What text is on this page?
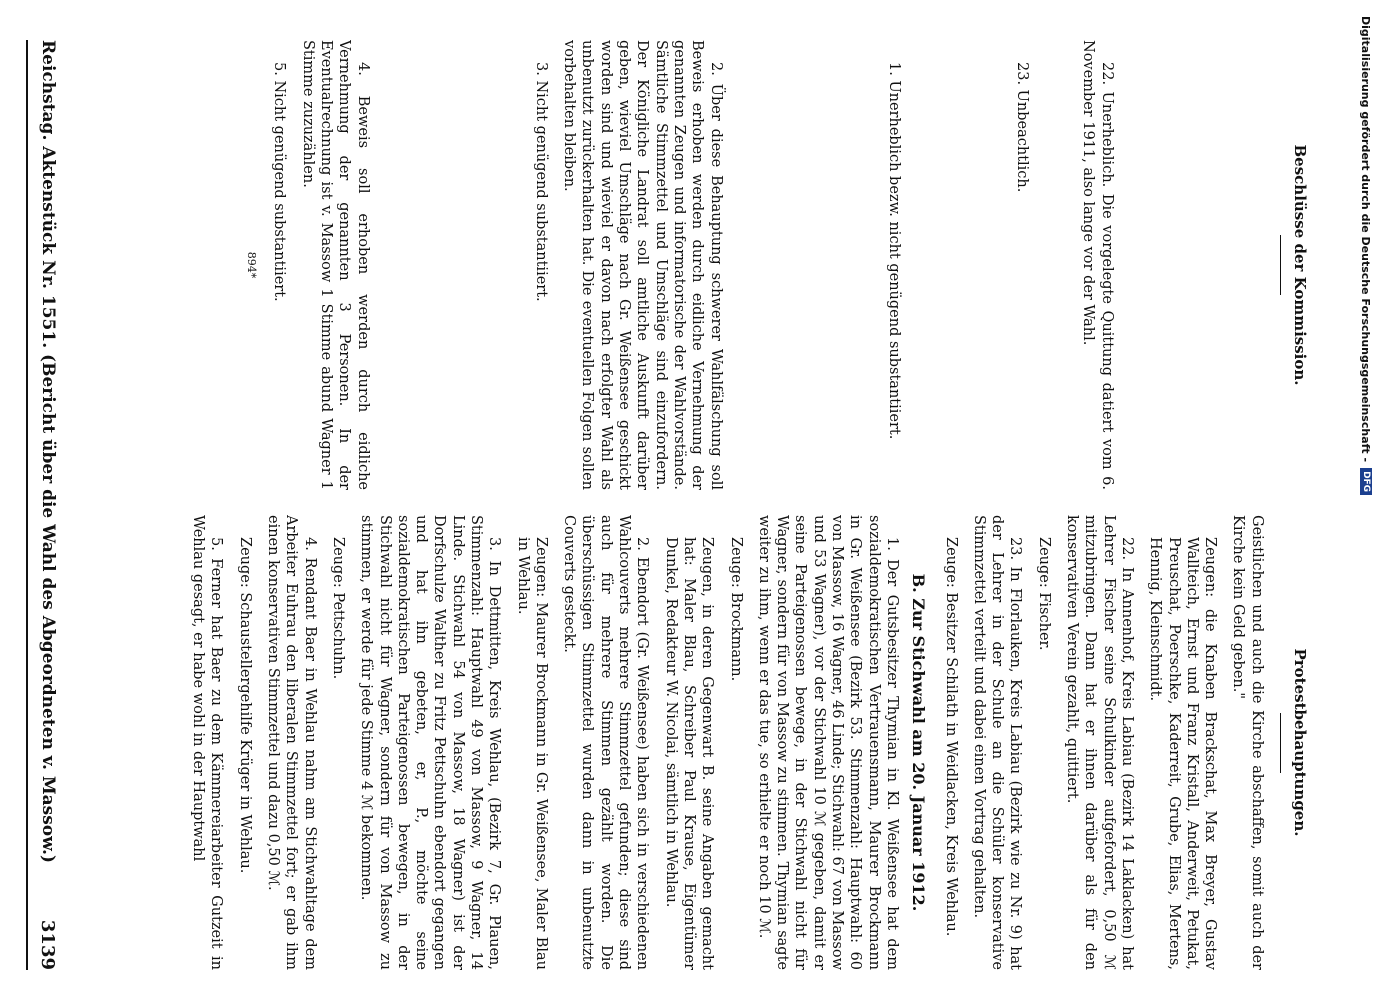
Digitalisierung gefördert durch die Deutsche Forschungsgemeinschaft -
DFG
Reichstag. Aktenstück Nr. 1551. (Bericht über die Wahl des Abgeordneten v. Massow.)
3139
Protestbehauptungen.

Geistlichen und auch die Kirche abschaffen, somit auch der Kirche kein Geld geben."

Zeugen: die Knaben Brackschat, Max Breyer, Gustav Wallteich, Ernst und Franz Kristall, Anderweit, Petukat, Preuschat, Poerschke, Kaderreit, Grube, Elias, Mertens, Hennig, Kleinschmidt.

22. In Annenhof, Kreis Labiau (Bezirk 14 Laklacken) hat Lehrer Fischer seine Schulkinder aufgefordert, 0,50 ℳ mitzubringen. Dann hat er ihnen darüber als für den konservativen Verein gezahlt, quittiert.

Zeuge: Fischer.

23. In Florlauken, Kreis Labiau (Bezirk wie zu Nr. 9) hat der Lehrer in der Schule an die Schüler konservative Stimmzettel verteilt und dabei einen Vortrag gehalten.

Zeuge: Besitzer Schilath in Weidlacken, Kreis Wehlau.

B. Zur Stichwahl am 20. Januar 1912.

1. Der Gutsbesitzer Thymian in Kl. Weißensee hat dem sozialdemokratischen Vertrauensmann, Maurer Brockmann in Gr. Weißensee (Bezirk 53. Stimmenzahl: Hauptwahl: 60 von Massow, 16 Wagner, 46 Linde; Stichwahl: 67 von Massow und 53 Wagner), vor der Stichwahl 10 ℳ gegeben, damit er seine Parteigenossen bewege, in der Stichwahl nicht für Wagner, sondern für von Massow zu stimmen. Thymian sagte weiter zu ihm, wenn er das tue, so erhielte er noch 10 ℳ.

Zeuge: Brockmann.

Zeugen, in deren Gegenwart B. seine Angaben gemacht hat: Maler Blau, Schreiber Paul Krause, Eigentümer Dunkel, Redakteur W. Nicolai, sämtlich in Wehlau.

2. Ebendort (Gr. Weißensee) haben sich in verschiedenen Wahlcouverts mehrere Stimmzettel gefunden; diese sind auch für mehrere Stimmen gezählt worden. Die überschüssigen Stimmzettel wurden dann in unbenutzte Couverts gesteckt.

Zeugen: Maurer Brockmann in Gr. Weißensee, Maler Blau in Wehlau.

3. In Dettmitten, Kreis Wehlau, (Bezirk 7, Gr. Plauen, Stimmenzahl: Hauptwahl 49 von Massow, 9 Wagner, 14 Linde. Stichwahl 54 von Massow, 18 Wagner) ist der Dorfschulze Walther zu Fritz Pettschuhn ebendort gegangen und hat ihn gebeten, er, P., möchte seine sozialdemokratischen Parteigenossen bewegen, in der Stichwahl nicht für Wagner, sondern für von Massow zu stimmen, er werde für jede Stimme 4 ℳ bekommen.

Zeuge: Pettschuhn.

4. Rendant Baer in Wehlau nahm am Stichwahltage dem Arbeiter Euhrau den liberalen Stimmzettel fort; er gab ihm einen konservativen Stimmzettel und dazu 0,50 ℳ.

Zeuge: Schaustellergehilfe Krüger in Wehlau.

5. Ferner hat Baer zu dem Kämmereiarbeiter Gutzeit in Wehlau gesagt, er habe wohl in der Hauptwahl

Beschlüsse der Kommission.

22. Unerheblich. Die vorgelegte Quittung datiert vom 6. November 1911, also lange vor der Wahl.

23. Unbeachtlich.

1. Unerheblich bezw. nicht genügend substantiiert.

2. Über diese Behauptung schwerer Wahlfälschung soll Beweis erhoben werden durch eidliche Vernehmung der genannten Zeugen und informatorische der Wahlvorstände. Sämtliche Stimmzettel und Umschläge sind einzufordern. Der Königliche Landrat soll amtliche Auskunft darüber geben, wieviel Umschläge nach Gr. Weißensee geschickt worden sind und wieviel er davon nach erfolgter Wahl als unbenutzt zurückerhalten hat. Die eventuellen Folgen sollen vorbehalten bleiben.

3. Nicht genügend substantiiert.

4. Beweis soll erhoben werden durch eidliche Vernehmung der genannten 3 Personen. In der Eventualrechnung ist v. Massow 1 Stimme abund Wagner 1 Stimme zuzuzählen.

5. Nicht genügend substantiiert.

894*
